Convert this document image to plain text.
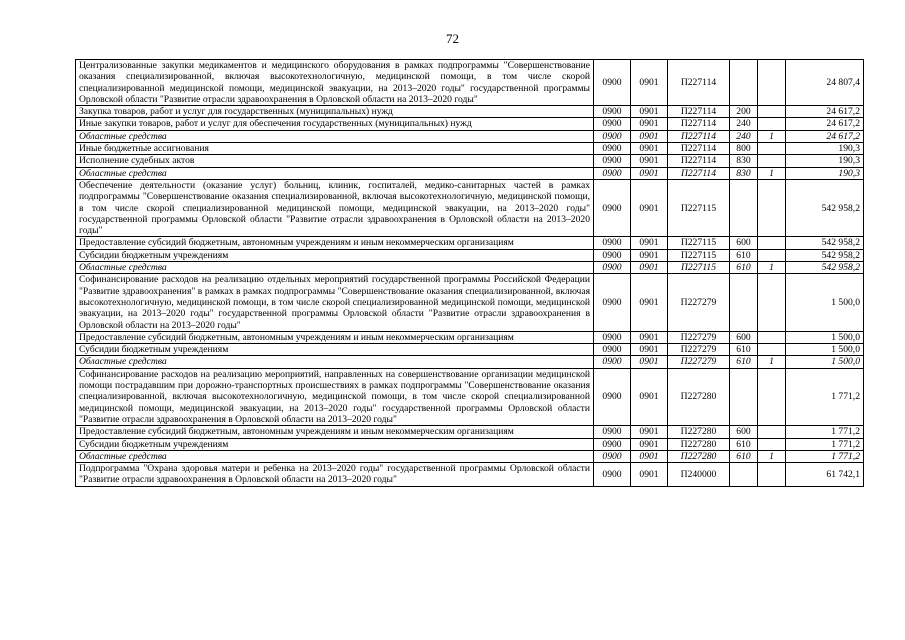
72
Централизованные закупки медикаментов и медицинского оборудования в рамках подпрограммы "Совершенствование оказания специализированной, включая высокотехнологичную, медицинской помощи, в том числе скорой специализированной медицинской помощи, медицинской эвакуации, на 2013–2020 годы" государственной программы Орловской области "Развитие отрасли здравоохранения в Орловской области на 2013–2020 годы"	0900	0901	П227114			24 807,4
Закупка товаров, работ и услуг для государственных (муниципальных) нужд	0900	0901	П227114	200		24 617,2
Иные закупки товаров, работ и услуг для обеспечения государственных (муниципальных) нужд	0900	0901	П227114	240		24 617,2
Областные средства	0900	0901	П227114	240	1	24 617,2
Иные бюджетные ассигнования	0900	0901	П227114	800		190,3
Исполнение судебных актов	0900	0901	П227114	830		190,3
Областные средства	0900	0901	П227114	830	1	190,3
Обеспечение деятельности (оказание услуг) больниц, клиник, госпиталей, медико-санитарных частей в рамках подпрограммы "Совершенствование оказания специализированной, включая высокотехнологичную, медицинской помощи, в том числе скорой специализированной медицинской помощи, медицинской эвакуации, на 2013–2020 годы" государственной программы Орловской области "Развитие отрасли здравоохранения в Орловской области на 2013–2020 годы"	0900	0901	П227115			542 958,2
Предоставление субсидий бюджетным, автономным учреждениям и иным некоммерческим организациям	0900	0901	П227115	600		542 958,2
Субсидии бюджетным учреждениям	0900	0901	П227115	610		542 958,2
Областные средства	0900	0901	П227115	610	1	542 958,2
Софинансирование расходов на реализацию отдельных мероприятий государственной программы Российской Федерации "Развитие здравоохранения" в рамках в рамках подпрограммы "Совершенствование оказания специализированной, включая высокотехнологичную, медицинской помощи, в том числе скорой специализированной медицинской помощи, медицинской эвакуации, на 2013–2020 годы" государственной программы Орловской области "Развитие отрасли здравоохранения в Орловской области на 2013–2020 годы"	0900	0901	П227279			1 500,0
Предоставление субсидий бюджетным, автономным учреждениям и иным некоммерческим организациям	0900	0901	П227279	600		1 500,0
Субсидии бюджетным учреждениям	0900	0901	П227279	610		1 500,0
Областные средства	0900	0901	П227279	610	1	1 500,0
Софинансирование расходов на реализацию мероприятий, направленных на совершенствование организации медицинской помощи пострадавшим при дорожно-транспортных происшествиях в рамках подпрограммы "Совершенствование оказания специализированной, включая высокотехнологичную, медицинской помощи, в том числе скорой специализированной медицинской помощи, медицинской эвакуации, на 2013–2020 годы" государственной программы Орловской области "Развитие отрасли здравоохранения в Орловской области на 2013–2020 годы"	0900	0901	П227280			1 771,2
Предоставление субсидий бюджетным, автономным учреждениям и иным некоммерческим организациям	0900	0901	П227280	600		1 771,2
Субсидии бюджетным учреждениям	0900	0901	П227280	610		1 771,2
Областные средства	0900	0901	П227280	610	1	1 771,2
Подпрограмма "Охрана здоровья матери и ребенка на 2013–2020 годы" государственной программы Орловской области "Развитие отрасли здравоохранения в Орловской области на 2013–2020 годы"	0900	0901	П240000			61 742,1
